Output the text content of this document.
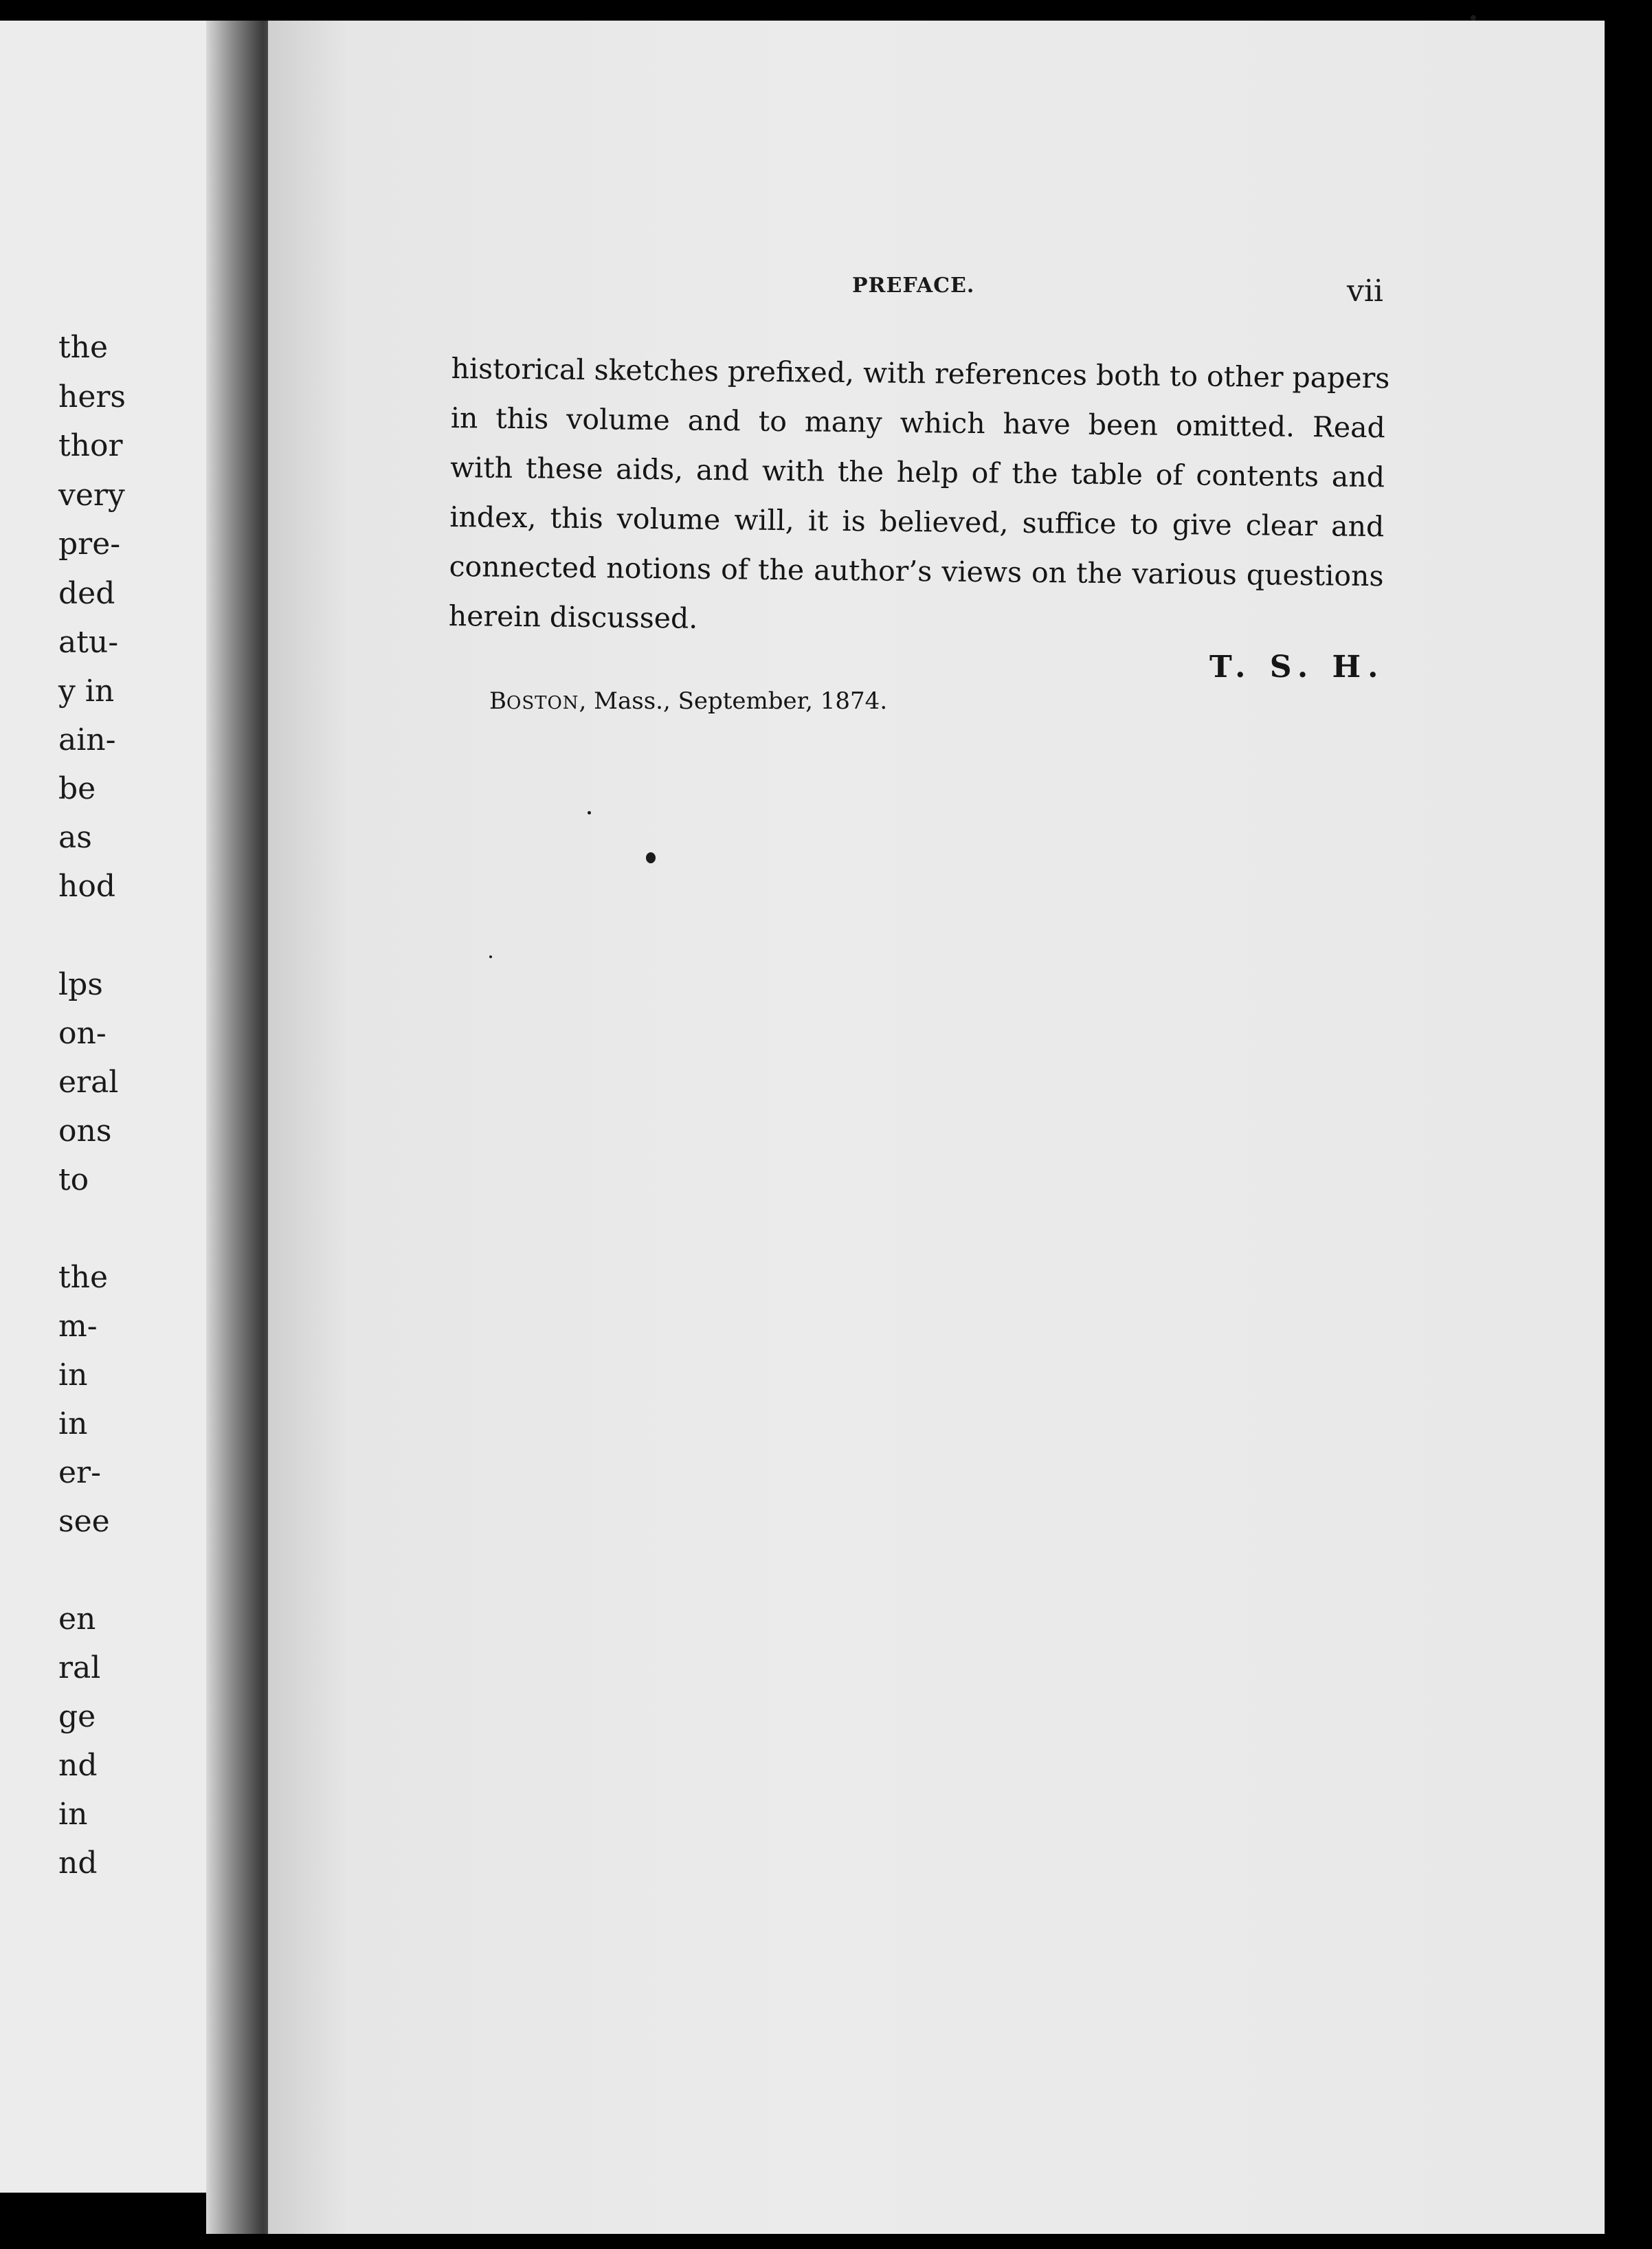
the
hers
thor
very
pre-
ded
atu-
y in
ain-
be
as
hod
lps
on-
eral
ons
to
the
m-
in
in
er-
see
en
ral
ge
nd
in
nd
PREFACE.	vii
historical sketches prefixed, with references both to other papers
in this volume and to many which have been omitted. Read
with these aids, and with the help of the table of contents and
index, this volume will, it is believed, suffice to give clear and
connected notions of the author’s views on the various questions
herein discussed.
T. S. H.
BOSTON, Mass., September, 1874.
